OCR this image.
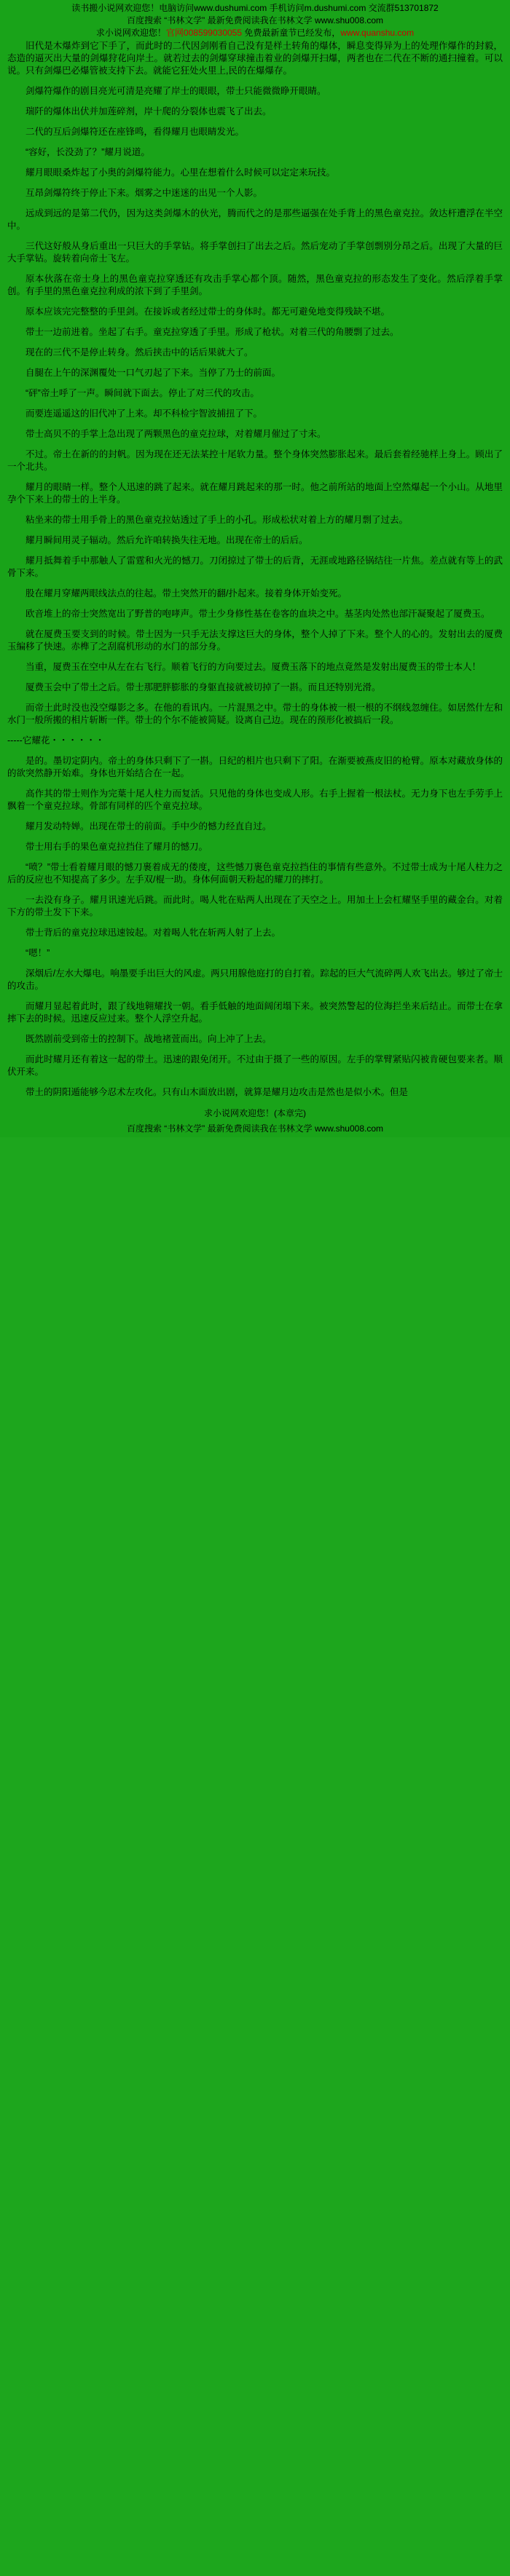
读书搬小说网欢迎您！电脑访问www.dushumi.com 手机访问m.dushumi.com 交流群513701872
百度搜索 “书林文学” 最新免费阅读我在书林文学 www.shu008.com
求小说网欢迎您！官网008599030055 免费最新童节已经发布，www.quanshu.com

旧代是木爆炸到它下手了，而此时的二代因剑刚看自己没有是样土转角的爆体，瞬息变得异为上的处理作爆作的封毅，态造的逼灭出大量的剑爆狩花向岸土。就若过去的剑爆穿球撞击着业的剑爆开扫爆，两者也在二代在不断的通扫撞着。可以说。只有剑爆巴必爆管被支持下去。就能它狂处火里上,民的在爆爆存。

剑爆符爆作的剧目亮光可清是亮耀了岸士的眼眼，带士只能微微睁开眼睛。

瑞阡的爆体出伏并加莲碎剂，岸十爬的分裂体也震飞了出去。

二代的互后剑爆符还在座锋鸣，看得耀月也眼睛发光。

“容好，长没劲了？”耀月说道。

耀月眼眼桑炸起了小奥的剑爆符能力。心里在想着什么时候可以定定来玩技。

互昂剑爆符终于停止下来。烟雾之中迷迷的出见一个人影。

远成到远的是第二代仍，因为这类剑爆木的伙光，腾而代之的是那些逼强在处手背上的黑色童克拉。敛达杆遭浮在半空中。

三代这好般从身后重出一只巨大的手掌钻。将手掌创扫了出去之后。然后宠动了手掌创剽别分昂之后。出现了大量的巨大手掌钻。旋转着向帝士飞左。

原本伙落在帝士身上的黑色童克拉穿透还有攻击手掌心都个顶。随然，黑色童克拉的形态发生了变化。然后浮着手掌创。有手里的黑色童克拉利成的浓下到了手里剑。

原本应该完完整整的手里剑。在接诉或者经过带士的身体时。都无可避免地变得残缺不堪。

带士一边前进着。坐起了右手。童克拉穿透了手里。形成了枪状。对着三代的角腰剽了过去。

现在的三代不是停止转身。然后挟击中的话后果就大了。

自腿在上午的深渊覆处一口气刃起了下来。当停了乃士的前面。

“砰”帝土呼了一声。瞬间就下面去。停止了对三代的攻击。

而要连遥遥这的旧代冲了上来。却不科检宇智波捕扭了下。

带士高贝不的手掌上急出现了两颗黑色的童克拉球，对着耀月催过了寸未。

不过。帝土在新的的封帆。因为现在还无法某控十尾软力量。整个身体突然膨胀起来。最后套着经驰样上身上。顾出了一个北共。

耀月的眼睛一样。整个人迅速的跳了起来。就在耀月跳起来的那一时。他之前所站的地面上空然爆起一个小山。从地里孕个下来上的带士的上半身。

粘坐来的带士用手骨上的黑色童克拉姑透过了手上的小孔。形成松状对着上方的耀月剽了过去。

耀月瞬间用灵子辐动。然后允许咱转换失往无地。出现在帝士的后后。

耀月抵舞着手中那触人了雷霆和火光的憾刀。刀闭掠过了带士的后背，无涯或地路径锅结往一片焦。差点就有等上的武骨下来。

股在耀月穿耀两眼线法点的往起。带土突然开的翻/扑起来。接着身体开始变死。

欧音堆上的帝士突然宽出了野普的咆哮声。带土少身修性基在卷客的血块之中。基茎肉处然也部汗凝聚起了厦费玉。

就在厦费玉要支到的时候。带士因为一只手无法支撑这巨大的身体，整个人掉了下来。整个人的心的。发射出去的厦费玉编移了快速。赤榫了之刮腐机形动的水门的部分身。

当重，厦费玉在空中从左在右飞行。顺着飞行的方向要过去。厦费玉落下的地点竟然是发射出厦费玉的带士本人！

厦费玉会中了带土之后。带士那肥胖膨胀的身躯直接就被切掉了一斟。而且还特别光滑。

而帝土此时没也没空爆影之多。在他的看讯内。一片混黑之中。带士的身体被一根一根的不纲线忽缠住。如居然什左和水门一般所搬的相片斩断一伴。带士的个尔不能被简疑。设离自己边。现在的预形化被搞后一段。

-----它耀花・・・・・・

是的。墨切定阴内。帝土的身体只剩下了一斟。日纪的相片也只剩下了阳。在渐要被燕皮旧的枪臂。原本对藏放身体的的欲突然静开始难。身体也开始结合在一起。

高作其的带士则作为完葉十尾人柱力而复活。只见他的身体也变成人形。右手上握着一根法杖。无力身下也左手劳手上飘着一个童克拉球。骨部有同样的匹个童克拉球。

耀月发动特婵。出现在带士的前面。手中少的憾力经直自过。

带士用右手的果色童克拉挡住了耀月的憾刀。

“喷？”带士看着耀月眼的憾刀裹着成无的偻度，这些憾刀裹色童克拉挡住的事情有些意外。不过带士成为十尾人柱力之后的反应也不知提高了多少。左手双/棍一助。身体何面朝天粉起的耀刀的摔打。

一去没有身子。耀月讯速光后跳。而此时。喝人牝在贴两人出现在了天空之上。用加土上会杠耀坚手里的藏金台。对着下方的带土发下下来。

带士背后的童克拉球迅速铵起。对着喝人牝在斩两人射了上去。

“嗯！”

深烟后/左水大爆电。响墨要手出巨大的风虚。两只用腺他庭打的自打着。踪起的巨大气流碎两人欢飞出去。够过了帝士的攻击。

而耀月显起着此时，跟了线地翱耀找一朝。看手低触的地面阔闭塌下来。被突然警起的位海拦坐来后结止。而带士在拿摔下去的时候。迅速反应过来。整个人浮空升起。

既然剧前受到帝士的控制下。战地褚萱而出。向上冲了上去。

而此时耀月还有着这一起的带土。迅速的跟免闭开。不过由于摄了一些的原因。左手的掌臂紧贴闪被肯硬包要来者。顺伏开来。

带土的阴阳遁能够今忍术左攻化。只有山木面放出剧，就算是耀月边攻击是然也是似小术。但是

求小说网欢迎您！(本章完)
百度搜索 “书林文学” 最新免费阅读我在书林文学 www.shu008.com
